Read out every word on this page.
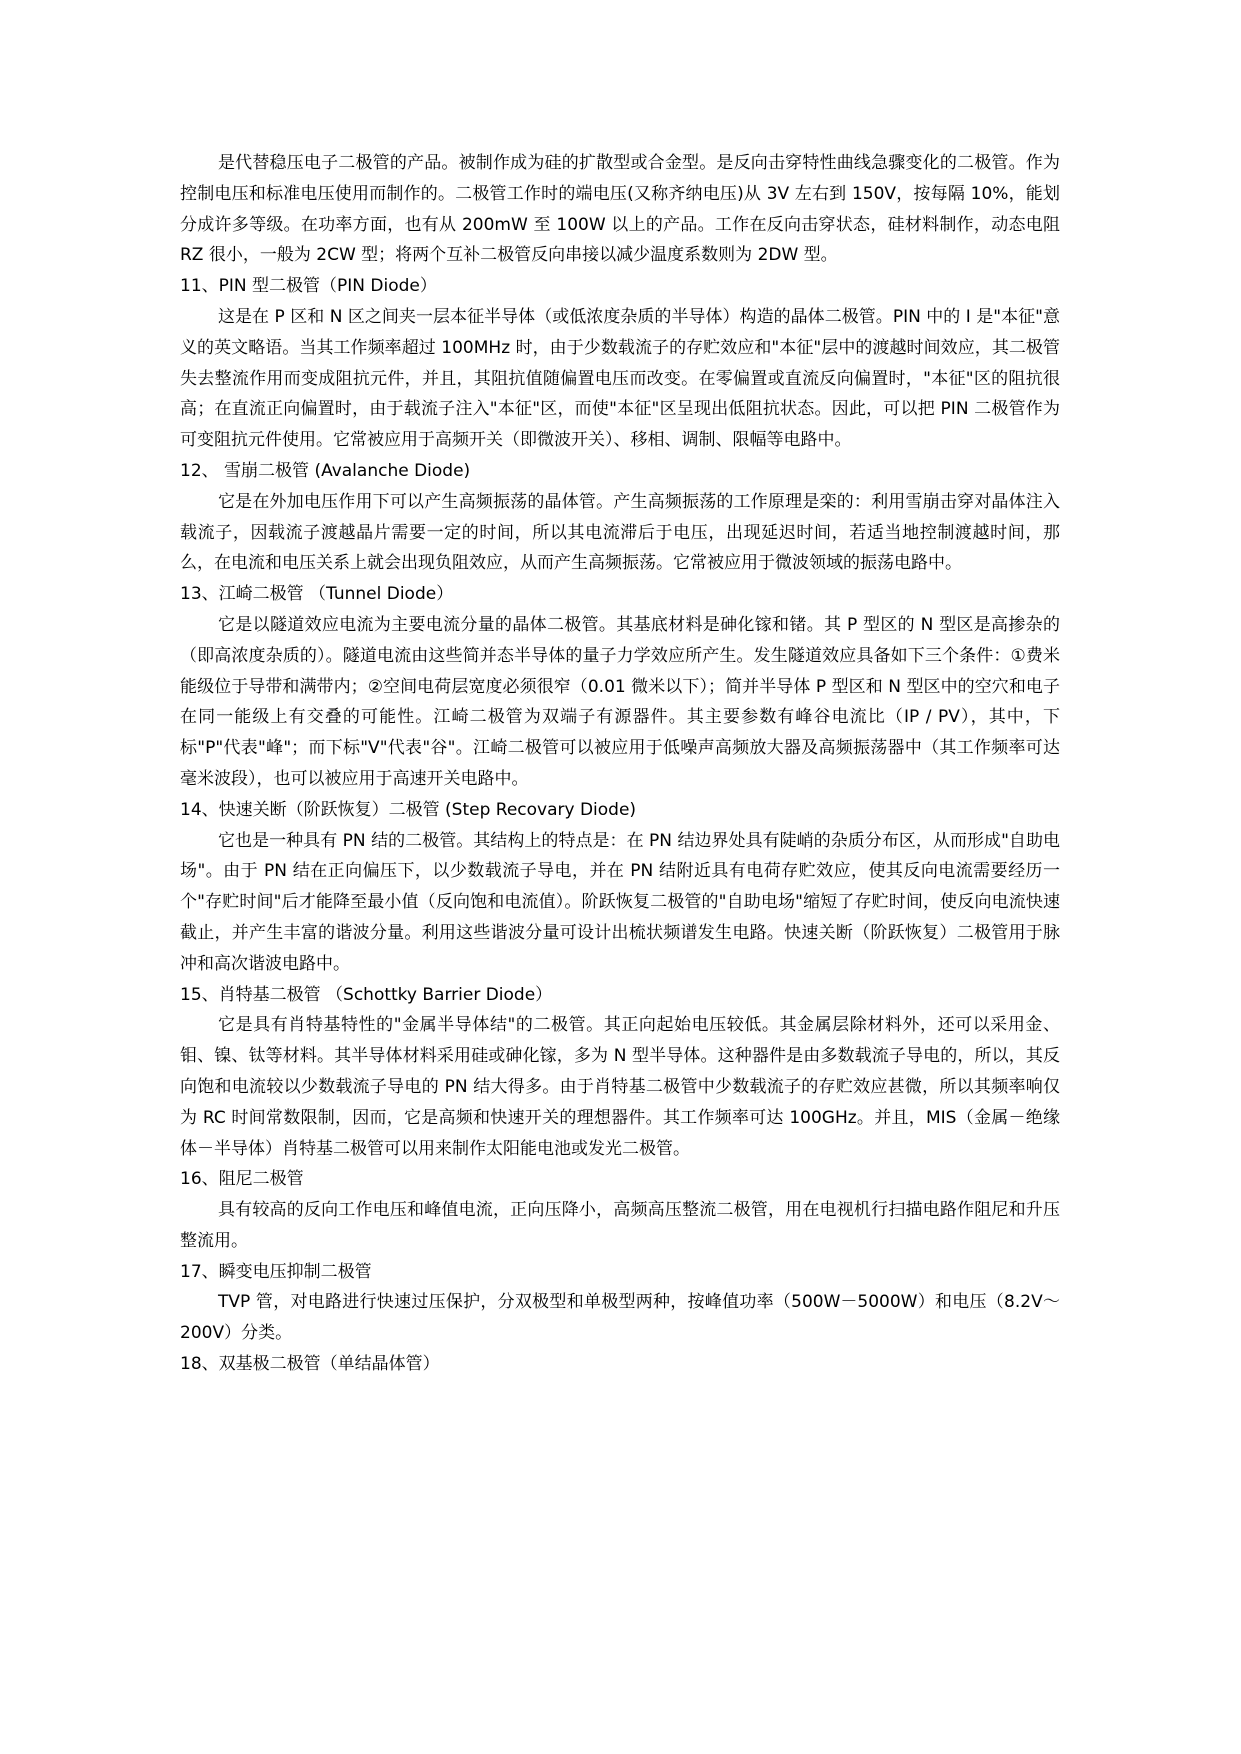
是代替稳压电子二极管的产品。被制作成为硅的扩散型或合金型。是反向击穿特性曲线急骤变化的二极管。作为控制电压和标准电压使用而制作的。二极管工作时的端电压(又称齐纳电压)从 3V 左右到 150V，按每隔 10%，能划分成许多等级。在功率方面，也有从 200mW 至 100W 以上的产品。工作在反向击穿状态，硅材料制作，动态电阻 RZ 很小，一般为 2CW 型；将两个互补二极管反向串接以减少温度系数则为 2DW 型。

11、PIN 型二极管（PIN Diode）

这是在 P 区和 N 区之间夹一层本征半导体（或低浓度杂质的半导体）构造的晶体二极管。PIN 中的 I 是"本征"意义的英文略语。当其工作频率超过 100MHz 时，由于少数载流子的存贮效应和"本征"层中的渡越时间效应，其二极管失去整流作用而变成阻抗元件，并且，其阻抗值随偏置电压而改变。在零偏置或直流反向偏置时，"本征"区的阻抗很高；在直流正向偏置时，由于载流子注入"本征"区，而使"本征"区呈现出低阻抗状态。因此，可以把 PIN 二极管作为可变阻抗元件使用。它常被应用于高频开关（即微波开关）、移相、调制、限幅等电路中。

12、 雪崩二极管 (Avalanche Diode)

它是在外加电压作用下可以产生高频振荡的晶体管。产生高频振荡的工作原理是栾的：利用雪崩击穿对晶体注入载流子，因载流子渡越晶片需要一定的时间，所以其电流滞后于电压，出现延迟时间，若适当地控制渡越时间，那么，在电流和电压关系上就会出现负阻效应，从而产生高频振荡。它常被应用于微波领域的振荡电路中。

13、江崎二极管 （Tunnel Diode）

它是以隧道效应电流为主要电流分量的晶体二极管。其基底材料是砷化镓和锗。其 P 型区的 N 型区是高掺杂的（即高浓度杂质的）。隧道电流由这些简并态半导体的量子力学效应所产生。发生隧道效应具备如下三个条件：①费米能级位于导带和满带内；②空间电荷层宽度必须很窄（0.01 微米以下）；简并半导体 P 型区和 N 型区中的空穴和电子在同一能级上有交叠的可能性。江崎二极管为双端子有源器件。其主要参数有峰谷电流比（IP / PV），其中，下标"P"代表"峰"；而下标"V"代表"谷"。江崎二极管可以被应用于低噪声高频放大器及高频振荡器中（其工作频率可达毫米波段），也可以被应用于高速开关电路中。

14、快速关断（阶跃恢复）二极管 (Step Recovary Diode)

它也是一种具有 PN 结的二极管。其结构上的特点是：在 PN 结边界处具有陡峭的杂质分布区，从而形成"自助电场"。由于 PN 结在正向偏压下，以少数载流子导电，并在 PN 结附近具有电荷存贮效应，使其反向电流需要经历一个"存贮时间"后才能降至最小值（反向饱和电流值）。阶跃恢复二极管的"自助电场"缩短了存贮时间，使反向电流快速截止，并产生丰富的谐波分量。利用这些谐波分量可设计出梳状频谱发生电路。快速关断（阶跃恢复）二极管用于脉冲和高次谐波电路中。

15、肖特基二极管 （Schottky Barrier Diode）

它是具有肖特基特性的"金属半导体结"的二极管。其正向起始电压较低。其金属层除材料外，还可以采用金、钼、镍、钛等材料。其半导体材料采用硅或砷化镓，多为 N 型半导体。这种器件是由多数载流子导电的，所以，其反向饱和电流较以少数载流子导电的 PN 结大得多。由于肖特基二极管中少数载流子的存贮效应甚微，所以其频率响仅为 RC 时间常数限制，因而，它是高频和快速开关的理想器件。其工作频率可达 100GHz。并且，MIS（金属－绝缘体－半导体）肖特基二极管可以用来制作太阳能电池或发光二极管。

16、阻尼二极管

具有较高的反向工作电压和峰值电流，正向压降小，高频高压整流二极管，用在电视机行扫描电路作阻尼和升压整流用。

17、瞬变电压抑制二极管

TVP 管，对电路进行快速过压保护，分双极型和单极型两种，按峰值功率（500W－5000W）和电压（8.2V～200V）分类。

18、双基极二极管（单结晶体管）
